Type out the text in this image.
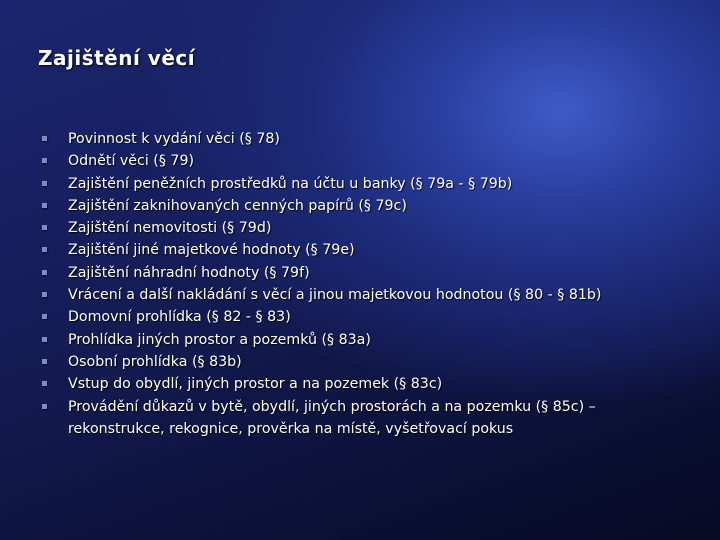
Zajištění věcí
Povinnost k vydání věci (§ 78)
Odnětí věci (§ 79)
Zajištění peněžních prostředků na účtu u banky (§ 79a - § 79b)
Zajištění zaknihovaných cenných papírů (§ 79c)
Zajištění nemovitosti (§ 79d)
Zajištění jiné majetkové hodnoty (§ 79e)
Zajištění náhradní hodnoty (§ 79f)
Vrácení a další nakládání s věcí a jinou majetkovou hodnotou (§ 80 - § 81b)
Domovní prohlídka (§ 82 - § 83)
Prohlídka jiných prostor a pozemků (§ 83a)
Osobní prohlídka (§ 83b)
Vstup do obydlí, jiných prostor a na pozemek (§ 83c)
Provádění důkazů v bytě, obydlí, jiných prostorách a na pozemku (§ 85c) – rekonstrukce, rekognice, prověrka na místě, vyšetřovací pokus
